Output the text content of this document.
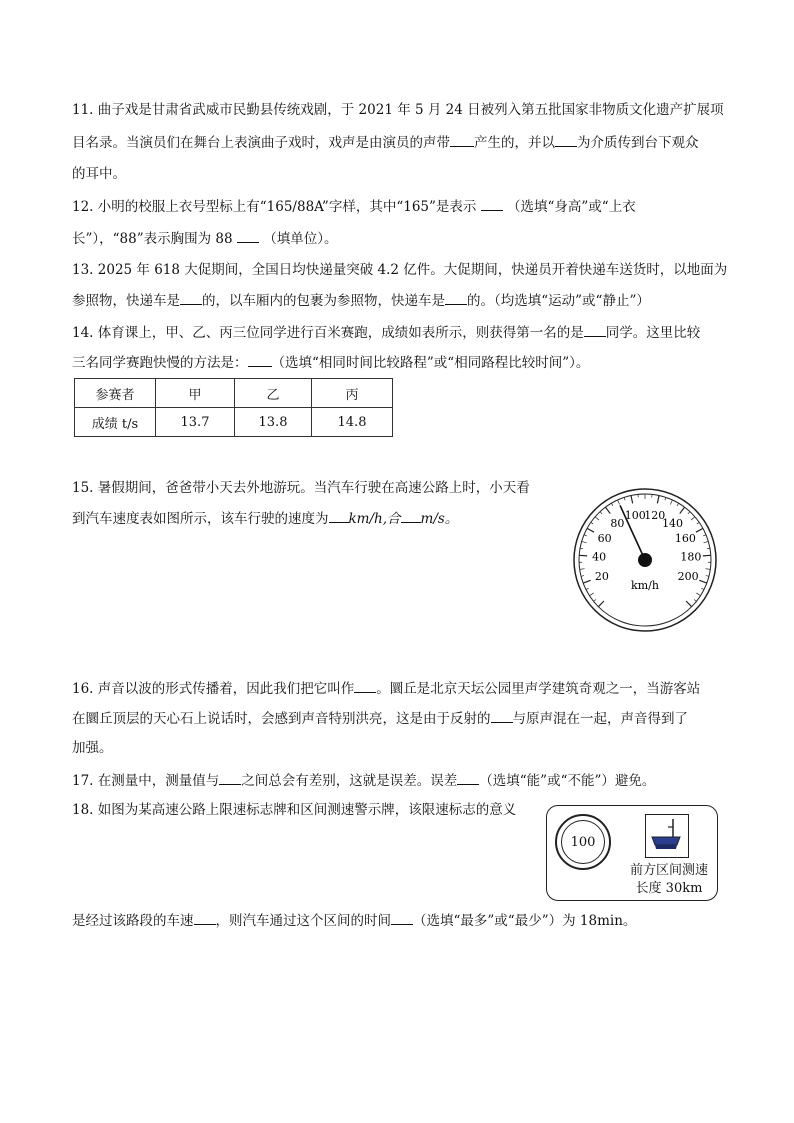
11. 曲子戏是甘肃省武威市民勤县传统戏剧，于 2021 年 5 月 24 日被列入第五批国家非物质文化遗产扩展项
目名录。当演员们在舞台上表演曲子戏时，戏声是由演员的声带 产生的，并以 为介质传到台下观众
的耳中。
12. 小明的校服上衣号型标上有“165/88A”字样，其中“165”是表示 （选填“身高”或“上衣
长”），“88”表示胸围为 88 （填单位）。
13. 2025 年 618 大促期间，全国日均快递量突破 4.2 亿件。大促期间，快递员开着快递车送货时，以地面为
参照物，快递车是 的，以车厢内的包裹为参照物，快递车是 的。（均选填“运动”或“静止”）
14. 体育课上，甲、乙、丙三位同学进行百米赛跑，成绩如表所示，则获得第一名的是 同学。这里比较
三名同学赛跑快慢的方法是： （选填“相同时间比较路程”或“相同路程比较时间”）。
参赛者	甲	乙	丙
成绩 t/s	13.7	13.8	14.8
15. 暑假期间，爸爸带小天去外地游玩。当汽车行驶在高速公路上时，小天看
到汽车速度表如图所示，该车行驶的速度为 km/h,合 m/s。
20
40
60
80
100
120
140
160
180
200
km/h
16. 声音以波的形式传播着，因此我们把它叫作 。圜丘是北京天坛公园里声学建筑奇观之一，当游客站
在圜丘顶层的天心石上说话时，会感到声音特别洪亮，这是由于反射的 与原声混在一起，声音得到了
加强。
17. 在测量中，测量值与 之间总会有差别，这就是误差。误差 （选填“能”或“不能”）避免。
18. 如图为某高速公路上限速标志牌和区间测速警示牌，该限速标志的意义
是经过该路段的车速 ，则汽车通过这个区间的时间 （选填“最多”或“最少”）为 18min。
100
前方区间测速
长度 30km
